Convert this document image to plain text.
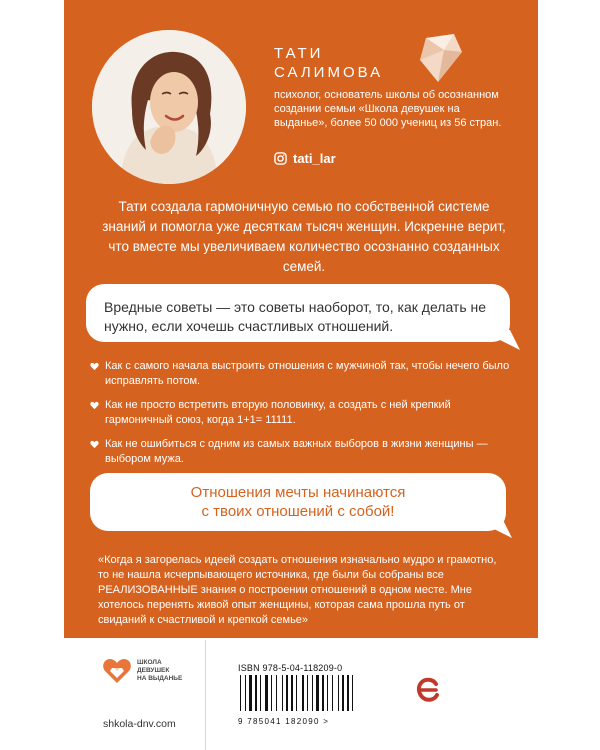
ТАТИ
САЛИМОВА
психолог, основатель школы об осознанном создании семьи «Школа девушек на выданье», более 50 000 учениц из 56 стран.
tati_lar
Тати создала гармоничную семью по собственной системе знаний и помогла уже десяткам тысяч женщин. Искренне верит, что вместе мы увеличиваем количество осознанно созданных семей.
Вредные советы — это советы наоборот, то, как делать не нужно, если хочешь счастливых отношений.
Как с самого начала выстроить отношения с мужчиной так, чтобы нечего было исправлять потом.
Как не просто встретить вторую половинку, а создать с ней крепкий гармоничный союз, когда 1+1= 11111.
Как не ошибиться с одним из самых важных выборов в жизни женщины — выбором мужа.
Отношения мечты начинаются
с твоих отношений с собой!
«Когда я загорелась идеей создать отношения изначально мудро и грамотно, то не нашла исчерпывающего источника, где были бы собраны все РЕАЛИЗОВАННЫЕ знания о построении отношений в одном месте. Мне хотелось перенять живой опыт женщины, которая сама прошла путь от свиданий к счастливой и крепкой семье»
ШКОЛА
ДЕВУШЕК
НА ВЫДАНЬЕ
shkola-dnv.com
ISBN 978-5-04-118209-0
9 785041 182090 >
